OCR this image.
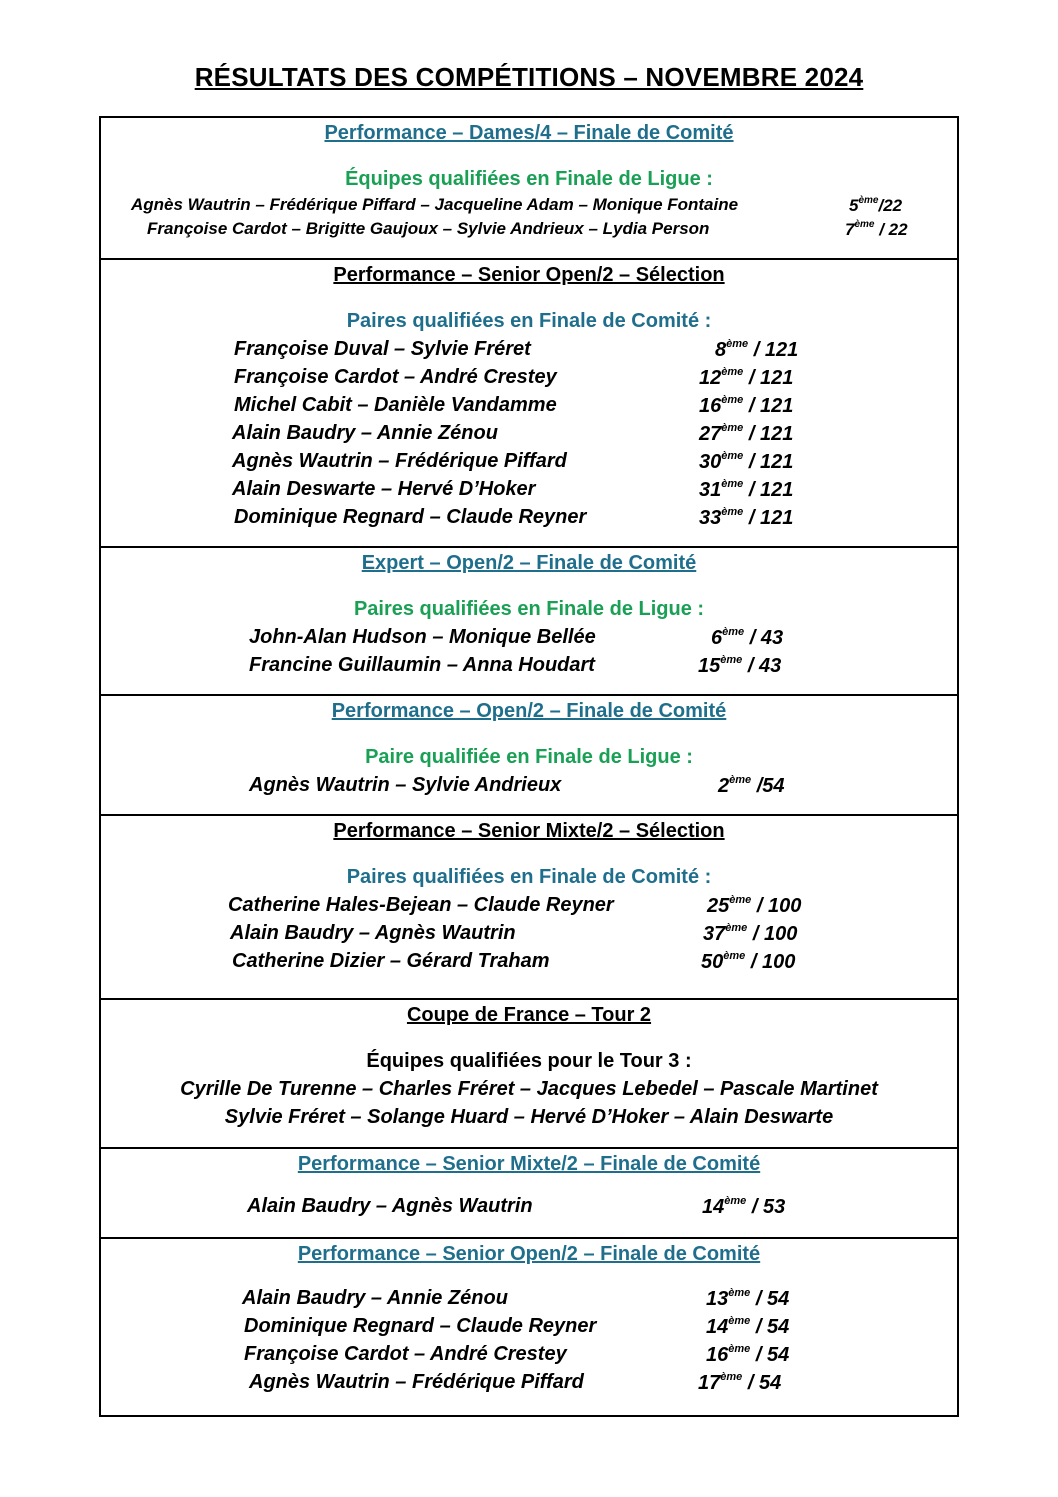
RÉSULTATS DES COMPÉTITIONS – NOVEMBRE 2024
Performance – Dames/4 – Finale de Comité
Équipes qualifiées en Finale de Ligue :
Agnès Wautrin – Frédérique Piffard – Jacqueline Adam – Monique Fontaine	5ème/22
Françoise Cardot – Brigitte Gaujoux – Sylvie Andrieux – Lydia Person	7ème / 22
Performance – Senior Open/2 – Sélection
Paires qualifiées en Finale de Comité :
Françoise Duval – Sylvie Fréret	8ème / 121
Françoise Cardot – André Crestey	12ème / 121
Michel Cabit – Danièle Vandamme	16ème / 121
Alain Baudry – Annie Zénou	27ème / 121
Agnès Wautrin – Frédérique Piffard	30ème / 121
Alain Deswarte – Hervé D’Hoker	31ème / 121
Dominique Regnard – Claude Reyner	33ème / 121
Expert – Open/2 – Finale de Comité
Paires qualifiées en Finale de Ligue :
John-Alan Hudson – Monique Bellée	6ème / 43
Francine Guillaumin – Anna Houdart	15ème / 43
Performance – Open/2 – Finale de Comité
Paire qualifiée en Finale de Ligue :
Agnès Wautrin – Sylvie Andrieux	2ème /54
Performance – Senior Mixte/2 – Sélection
Paires qualifiées en Finale de Comité :
Catherine Hales-Bejean – Claude Reyner	25ème / 100
Alain Baudry – Agnès Wautrin	37ème / 100
Catherine Dizier – Gérard Traham	50ème / 100
Coupe de France – Tour 2
Équipes qualifiées pour le Tour 3 :
Cyrille De Turenne – Charles Fréret – Jacques Lebedel – Pascale Martinet
Sylvie Fréret – Solange Huard – Hervé D’Hoker – Alain Deswarte
Performance – Senior Mixte/2 – Finale de Comité
Alain Baudry – Agnès Wautrin	14ème / 53
Performance – Senior Open/2 – Finale de Comité
Alain Baudry – Annie Zénou	13ème / 54
Dominique Regnard – Claude Reyner	14ème / 54
Françoise Cardot – André Crestey	16ème / 54
Agnès Wautrin – Frédérique Piffard	17ème / 54
